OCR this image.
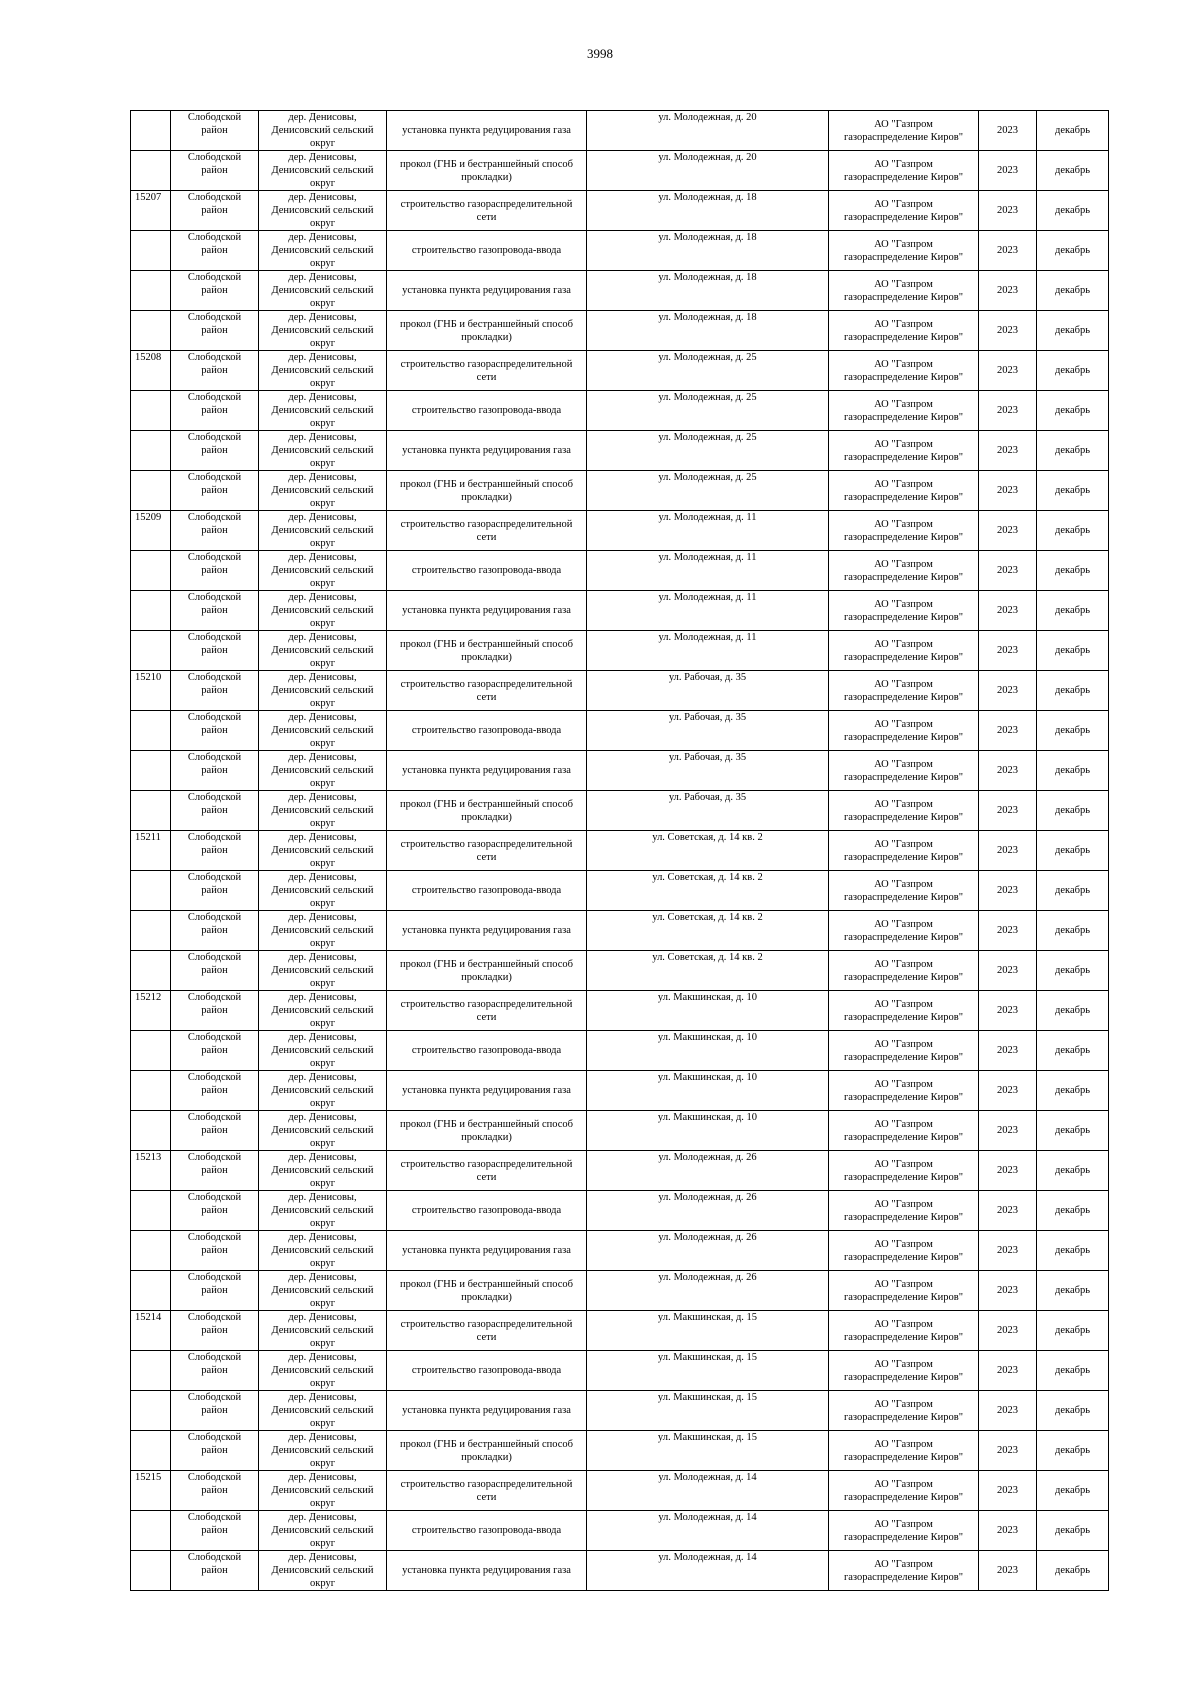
3998

	Слободской
район	дер. Денисовы,
Денисовский сельский
округ	установка пункта редуцирования газа	ул. Молодежная, д. 20	АО "Газпром
газораспределение Киров"	2023	декабрь

	Слободской
район	дер. Денисовы,
Денисовский сельский
округ	прокол (ГНБ и бестраншейный способ
прокладки)	ул. Молодежная, д. 20	АО "Газпром
газораспределение Киров"	2023	декабрь
15207	Слободской
район	дер. Денисовы,
Денисовский сельский
округ	строительство газораспределительной
сети	ул. Молодежная, д. 18	АО "Газпром
газораспределение Киров"	2023	декабрь

	Слободской
район	дер. Денисовы,
Денисовский сельский
округ	строительство газопровода-ввода	ул. Молодежная, д. 18	АО "Газпром
газораспределение Киров"	2023	декабрь

	Слободской
район	дер. Денисовы,
Денисовский сельский
округ	установка пункта редуцирования газа	ул. Молодежная, д. 18	АО "Газпром
газораспределение Киров"	2023	декабрь

	Слободской
район	дер. Денисовы,
Денисовский сельский
округ	прокол (ГНБ и бестраншейный способ
прокладки)	ул. Молодежная, д. 18	АО "Газпром
газораспределение Киров"	2023	декабрь
15208	Слободской
район	дер. Денисовы,
Денисовский сельский
округ	строительство газораспределительной
сети	ул. Молодежная, д. 25	АО "Газпром
газораспределение Киров"	2023	декабрь

	Слободской
район	дер. Денисовы,
Денисовский сельский
округ	строительство газопровода-ввода	ул. Молодежная, д. 25	АО "Газпром
газораспределение Киров"	2023	декабрь

	Слободской
район	дер. Денисовы,
Денисовский сельский
округ	установка пункта редуцирования газа	ул. Молодежная, д. 25	АО "Газпром
газораспределение Киров"	2023	декабрь

	Слободской
район	дер. Денисовы,
Денисовский сельский
округ	прокол (ГНБ и бестраншейный способ
прокладки)	ул. Молодежная, д. 25	АО "Газпром
газораспределение Киров"	2023	декабрь
15209	Слободской
район	дер. Денисовы,
Денисовский сельский
округ	строительство газораспределительной
сети	ул. Молодежная, д. 11	АО "Газпром
газораспределение Киров"	2023	декабрь

	Слободской
район	дер. Денисовы,
Денисовский сельский
округ	строительство газопровода-ввода	ул. Молодежная, д. 11	АО "Газпром
газораспределение Киров"	2023	декабрь

	Слободской
район	дер. Денисовы,
Денисовский сельский
округ	установка пункта редуцирования газа	ул. Молодежная, д. 11	АО "Газпром
газораспределение Киров"	2023	декабрь

	Слободской
район	дер. Денисовы,
Денисовский сельский
округ	прокол (ГНБ и бестраншейный способ
прокладки)	ул. Молодежная, д. 11	АО "Газпром
газораспределение Киров"	2023	декабрь
15210	Слободской
район	дер. Денисовы,
Денисовский сельский
округ	строительство газораспределительной
сети	ул. Рабочая, д. 35	АО "Газпром
газораспределение Киров"	2023	декабрь

	Слободской
район	дер. Денисовы,
Денисовский сельский
округ	строительство газопровода-ввода	ул. Рабочая, д. 35	АО "Газпром
газораспределение Киров"	2023	декабрь

	Слободской
район	дер. Денисовы,
Денисовский сельский
округ	установка пункта редуцирования газа	ул. Рабочая, д. 35	АО "Газпром
газораспределение Киров"	2023	декабрь

	Слободской
район	дер. Денисовы,
Денисовский сельский
округ	прокол (ГНБ и бестраншейный способ
прокладки)	ул. Рабочая, д. 35	АО "Газпром
газораспределение Киров"	2023	декабрь
15211	Слободской
район	дер. Денисовы,
Денисовский сельский
округ	строительство газораспределительной
сети	ул. Советская, д. 14 кв. 2	АО "Газпром
газораспределение Киров"	2023	декабрь

	Слободской
район	дер. Денисовы,
Денисовский сельский
округ	строительство газопровода-ввода	ул. Советская, д. 14 кв. 2	АО "Газпром
газораспределение Киров"	2023	декабрь

	Слободской
район	дер. Денисовы,
Денисовский сельский
округ	установка пункта редуцирования газа	ул. Советская, д. 14 кв. 2	АО "Газпром
газораспределение Киров"	2023	декабрь

	Слободской
район	дер. Денисовы,
Денисовский сельский
округ	прокол (ГНБ и бестраншейный способ
прокладки)	ул. Советская, д. 14 кв. 2	АО "Газпром
газораспределение Киров"	2023	декабрь
15212	Слободской
район	дер. Денисовы,
Денисовский сельский
округ	строительство газораспределительной
сети	ул. Макшинская, д. 10	АО "Газпром
газораспределение Киров"	2023	декабрь

	Слободской
район	дер. Денисовы,
Денисовский сельский
округ	строительство газопровода-ввода	ул. Макшинская, д. 10	АО "Газпром
газораспределение Киров"	2023	декабрь

	Слободской
район	дер. Денисовы,
Денисовский сельский
округ	установка пункта редуцирования газа	ул. Макшинская, д. 10	АО "Газпром
газораспределение Киров"	2023	декабрь

	Слободской
район	дер. Денисовы,
Денисовский сельский
округ	прокол (ГНБ и бестраншейный способ
прокладки)	ул. Макшинская, д. 10	АО "Газпром
газораспределение Киров"	2023	декабрь
15213	Слободской
район	дер. Денисовы,
Денисовский сельский
округ	строительство газораспределительной
сети	ул. Молодежная, д. 26	АО "Газпром
газораспределение Киров"	2023	декабрь

	Слободской
район	дер. Денисовы,
Денисовский сельский
округ	строительство газопровода-ввода	ул. Молодежная, д. 26	АО "Газпром
газораспределение Киров"	2023	декабрь

	Слободской
район	дер. Денисовы,
Денисовский сельский
округ	установка пункта редуцирования газа	ул. Молодежная, д. 26	АО "Газпром
газораспределение Киров"	2023	декабрь

	Слободской
район	дер. Денисовы,
Денисовский сельский
округ	прокол (ГНБ и бестраншейный способ
прокладки)	ул. Молодежная, д. 26	АО "Газпром
газораспределение Киров"	2023	декабрь
15214	Слободской
район	дер. Денисовы,
Денисовский сельский
округ	строительство газораспределительной
сети	ул. Макшинская, д. 15	АО "Газпром
газораспределение Киров"	2023	декабрь

	Слободской
район	дер. Денисовы,
Денисовский сельский
округ	строительство газопровода-ввода	ул. Макшинская, д. 15	АО "Газпром
газораспределение Киров"	2023	декабрь

	Слободской
район	дер. Денисовы,
Денисовский сельский
округ	установка пункта редуцирования газа	ул. Макшинская, д. 15	АО "Газпром
газораспределение Киров"	2023	декабрь

	Слободской
район	дер. Денисовы,
Денисовский сельский
округ	прокол (ГНБ и бестраншейный способ
прокладки)	ул. Макшинская, д. 15	АО "Газпром
газораспределение Киров"	2023	декабрь
15215	Слободской
район	дер. Денисовы,
Денисовский сельский
округ	строительство газораспределительной
сети	ул. Молодежная, д. 14	АО "Газпром
газораспределение Киров"	2023	декабрь

	Слободской
район	дер. Денисовы,
Денисовский сельский
округ	строительство газопровода-ввода	ул. Молодежная, д. 14	АО "Газпром
газораспределение Киров"	2023	декабрь

	Слободской
район	дер. Денисовы,
Денисовский сельский
округ	установка пункта редуцирования газа	ул. Молодежная, д. 14	АО "Газпром
газораспределение Киров"	2023	декабрь
